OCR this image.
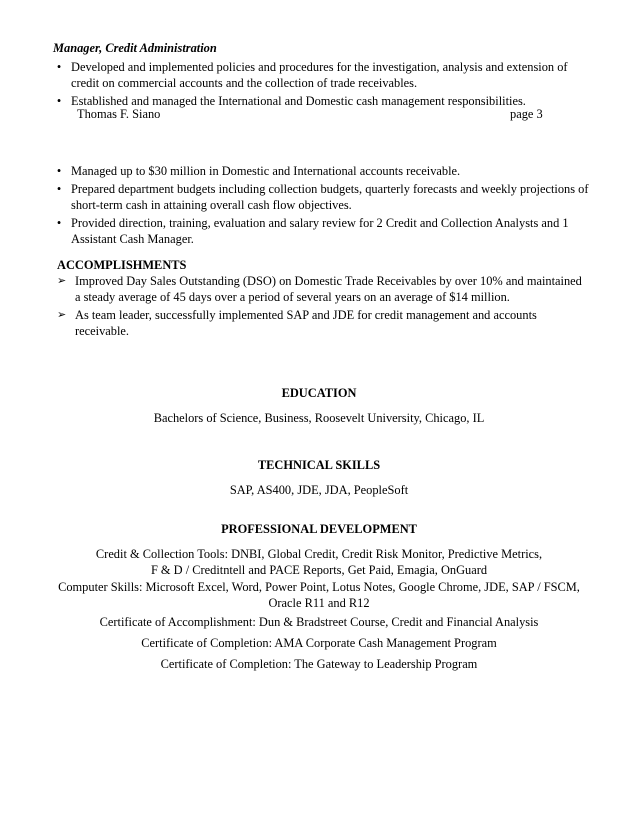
Manager, Credit Administration
• Developed and implemented policies and procedures for the investigation, analysis and extension of credit on commercial accounts and the collection of trade receivables.
• Established and managed the International and Domestic cash management responsibilities.
Thomas F. Siano	page 3
• Managed up to $30 million in Domestic and International accounts receivable.
• Prepared department budgets including collection budgets, quarterly forecasts and weekly projections of short-term cash in attaining overall cash flow objectives.
• Provided direction, training, evaluation and salary review for 2 Credit and Collection Analysts and 1 Assistant Cash Manager.
ACCOMPLISHMENTS
➢ Improved Day Sales Outstanding (DSO) on Domestic Trade Receivables by over 10% and maintained a steady average of 45 days over a period of several years on an average of $14 million.
➢ As team leader, successfully implemented SAP and JDE for credit management and accounts receivable.
EDUCATION
Bachelors of Science, Business, Roosevelt University, Chicago, IL
TECHNICAL SKILLS
SAP, AS400, JDE, JDA, PeopleSoft
PROFESSIONAL DEVELOPMENT
Credit & Collection Tools: DNBI, Global Credit, Credit Risk Monitor, Predictive Metrics,
F & D / Creditntell and PACE Reports, Get Paid, Emagia, OnGuard
Computer Skills: Microsoft Excel, Word, Power Point, Lotus Notes, Google Chrome, JDE, SAP / FSCM,
Oracle R11 and R12
Certificate of Accomplishment: Dun & Bradstreet Course, Credit and Financial Analysis
Certificate of Completion: AMA Corporate Cash Management Program
Certificate of Completion: The Gateway to Leadership Program
